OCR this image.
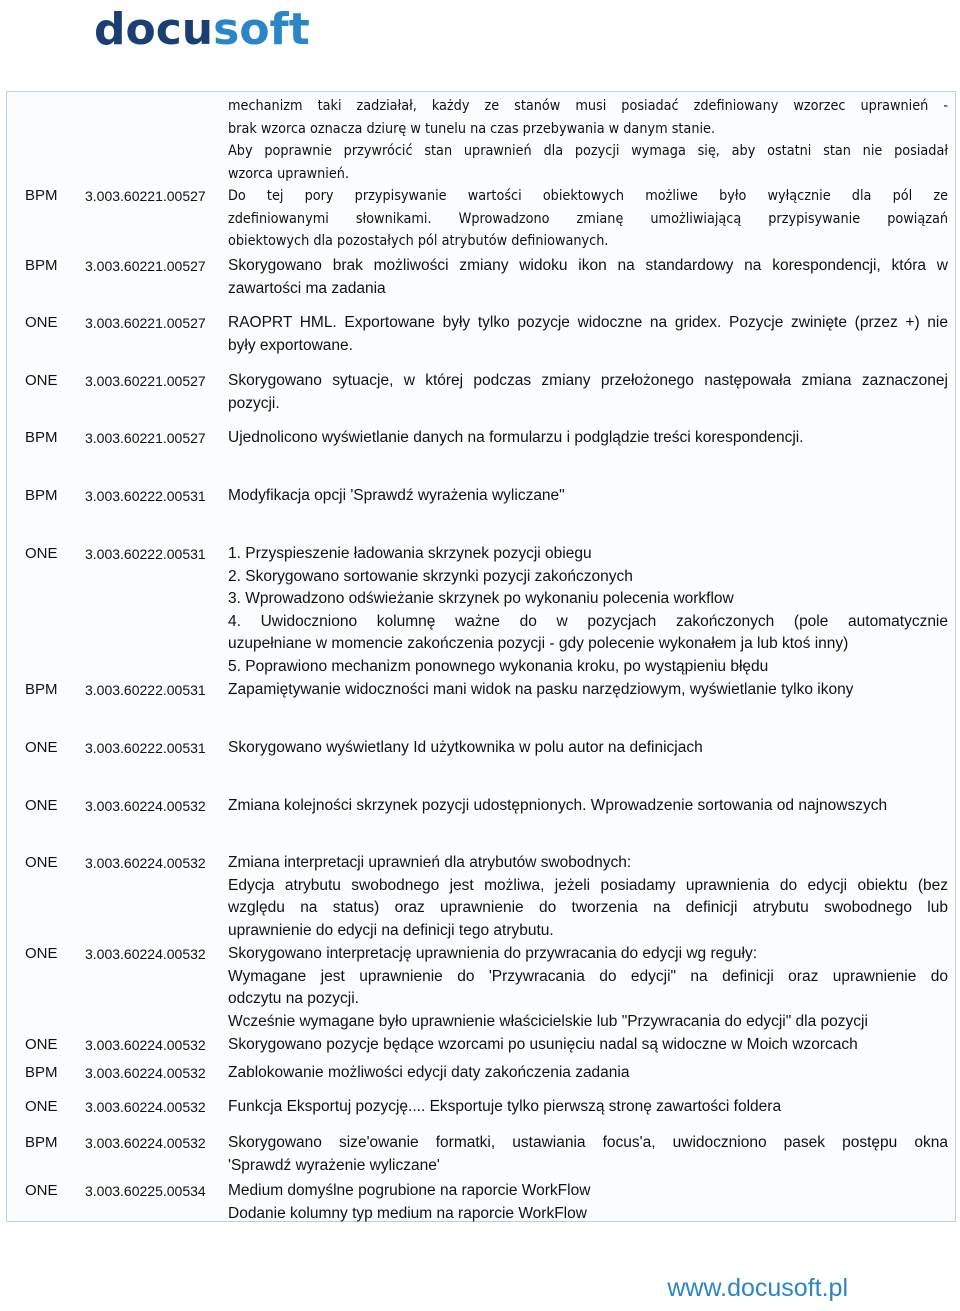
docusoft
mechanizm taki zadziałał, każdy ze stanów musi posiadać zdefiniowany wzorzec uprawnień -
brak wzorca oznacza dziurę w tunelu na czas przebywania w danym stanie.
Aby poprawnie przywrócić stan uprawnień dla pozycji wymaga się, aby ostatni stan nie posiadał
wzorca uprawnień.
BPM 3.003.60221.00527 Do tej pory przypisywanie wartości obiektowych możliwe było wyłącznie dla pól ze
zdefiniowanymi słownikami. Wprowadzono zmianę umożliwiającą przypisywanie powiązań
obiektowych dla pozostałych pól atrybutów definiowanych.
BPM 3.003.60221.00527 Skorygowano brak możliwości zmiany widoku ikon na standardowy na korespondencji, która w
zawartości ma zadania
ONE 3.003.60221.00527 RAOPRT HML. Exportowane były tylko pozycje widoczne na gridex. Pozycje zwinięte (przez +) nie
były exportowane.
ONE 3.003.60221.00527 Skorygowano sytuacje, w której podczas zmiany przełożonego następowała zmiana zaznaczonej
pozycji.
BPM 3.003.60221.00527 Ujednolicono wyświetlanie danych na formularzu i podglądzie treści korespondencji.
BPM 3.003.60222.00531 Modyfikacja opcji 'Sprawdź wyrażenia wyliczane"
ONE 3.003.60222.00531 1. Przyspieszenie ładowania skrzynek pozycji obiegu
2. Skorygowano sortowanie skrzynki pozycji zakończonych
3. Wprowadzono odświeżanie skrzynek po wykonaniu polecenia workflow
4. Uwidoczniono kolumnę ważne do w pozycjach zakończonych (pole automatycznie
uzupełniane w momencie zakończenia pozycji - gdy polecenie wykonałem ja lub ktoś inny)
5. Poprawiono mechanizm ponownego wykonania kroku, po wystąpieniu błędu
BPM 3.003.60222.00531 Zapamiętywanie widoczności mani widok na pasku narzędziowym, wyświetlanie tylko ikony
ONE 3.003.60222.00531 Skorygowano wyświetlany Id użytkownika w polu autor na definicjach
ONE 3.003.60224.00532 Zmiana kolejności skrzynek pozycji udostępnionych. Wprowadzenie sortowania od najnowszych
ONE 3.003.60224.00532 Zmiana interpretacji uprawnień dla atrybutów swobodnych:
Edycja atrybutu swobodnego jest możliwa, jeżeli posiadamy uprawnienia do edycji obiektu (bez
względu na status) oraz uprawnienie do tworzenia na definicji atrybutu swobodnego lub
uprawnienie do edycji na definicji tego atrybutu.
ONE 3.003.60224.00532 Skorygowano interpretację uprawnienia do przywracania do edycji wg reguły:
Wymagane jest uprawnienie do 'Przywracania do edycji" na definicji oraz uprawnienie do
odczytu na pozycji.
Wcześnie wymagane było uprawnienie właścicielskie lub "Przywracania do edycji" dla pozycji
ONE 3.003.60224.00532 Skorygowano pozycje będące wzorcami po usunięciu nadal są widoczne w Moich wzorcach
BPM 3.003.60224.00532 Zablokowanie możliwości edycji daty zakończenia zadania
ONE 3.003.60224.00532 Funkcja Eksportuj pozycję.... Eksportuje tylko pierwszą stronę zawartości foldera
BPM 3.003.60224.00532 Skorygowano size'owanie formatki, ustawiania focus'a, uwidoczniono pasek postępu okna
'Sprawdź wyrażenie wyliczane'
ONE 3.003.60225.00534 Medium domyślne pogrubione na raporcie WorkFlow
Dodanie kolumny typ medium na raporcie WorkFlow
www.docusoft.pl
